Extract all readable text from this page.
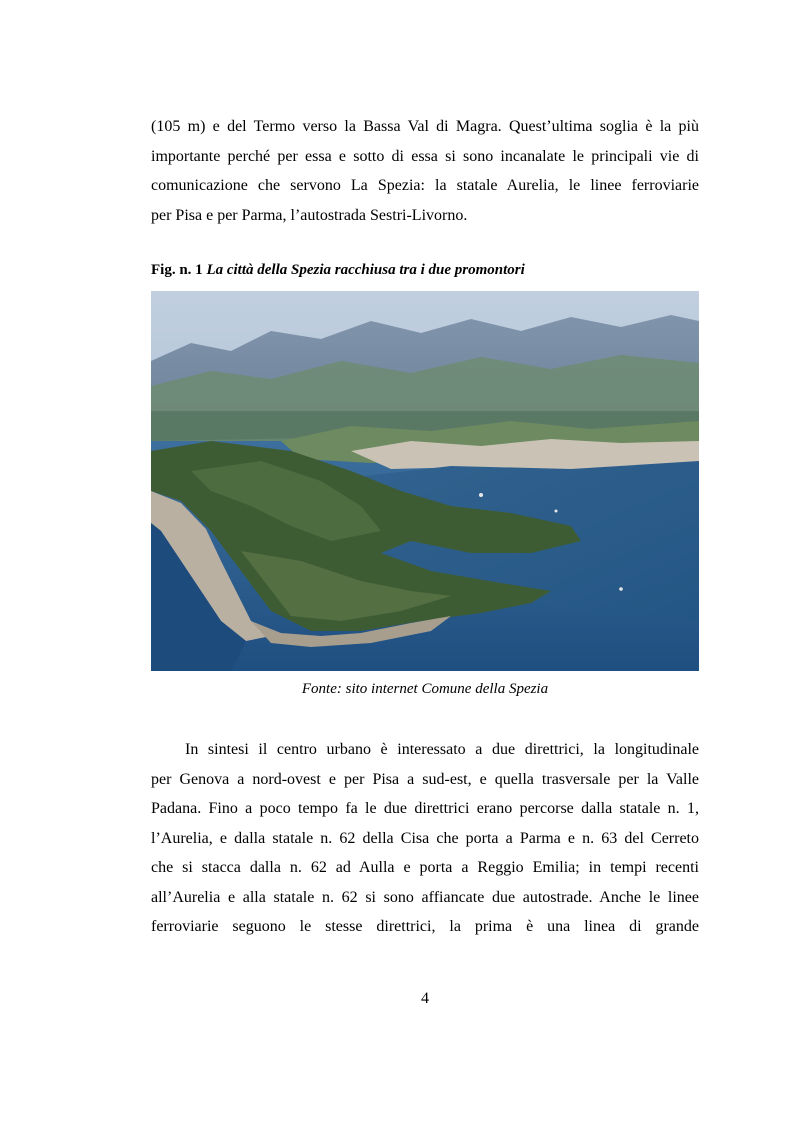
(105 m) e del Termo verso la Bassa Val di Magra. Quest’ultima soglia è la più
importante perché per essa e sotto di essa si sono incanalate le principali vie di
comunicazione che servono La Spezia: la statale Aurelia, le linee ferroviarie
per Pisa e per Parma, l’autostrada Sestri-Livorno.
Fig. n. 1 La città della Spezia racchiusa tra i due promontori
Fonte: sito internet Comune della Spezia
In sintesi il centro urbano è interessato a due direttrici, la longitudinale
per Genova a nord-ovest e per Pisa a sud-est, e quella trasversale per la Valle
Padana. Fino a poco tempo fa le due direttrici erano percorse dalla statale n. 1,
l’Aurelia, e dalla statale n. 62 della Cisa che porta a Parma e n. 63 del Cerreto
che si stacca dalla n. 62 ad Aulla e porta a Reggio Emilia; in tempi recenti
all’Aurelia e alla statale n. 62 si sono affiancate due autostrade. Anche le linee
ferroviarie seguono le stesse direttrici, la prima è una linea di grande
4
